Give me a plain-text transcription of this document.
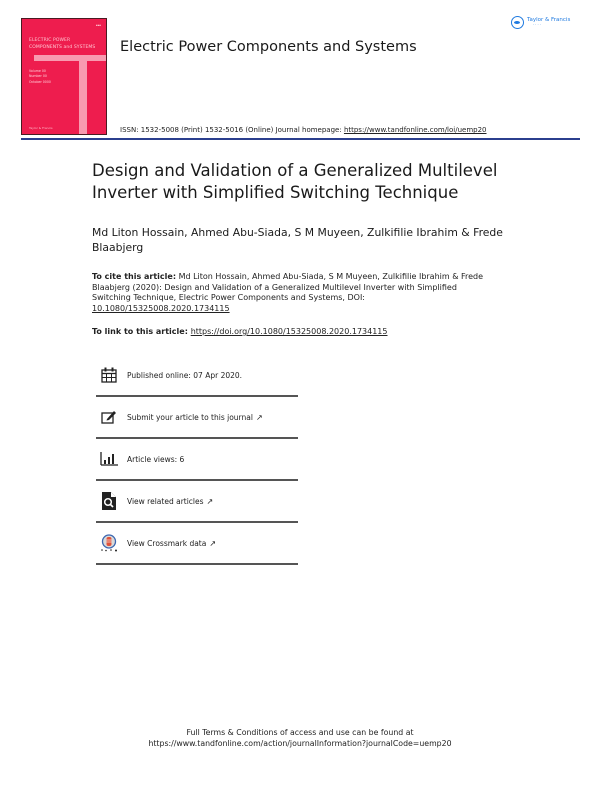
▪▪▪
ELECTRIC POWER
COMPONENTS and SYSTEMS
Volume 00
Number 00
October 0000
Taylor & Francis
Electric Power Components and Systems
Taylor & Francis
· · · ·
ISSN: 1532-5008 (Print) 1532-5016 (Online) Journal homepage: https://www.tandfonline.com/loi/uemp20
Design and Validation of a Generalized Multilevel Inverter with Simplified Switching Technique
Md Liton Hossain, Ahmed Abu-Siada, S M Muyeen, Zulkifilie Ibrahim & Frede Blaabjerg
To cite this article: Md Liton Hossain, Ahmed Abu-Siada, S M Muyeen, Zulkifilie Ibrahim & Frede Blaabjerg (2020): Design and Validation of a Generalized Multilevel Inverter with Simplified Switching Technique, Electric Power Components and Systems, DOI:
10.1080/15325008.2020.1734115
To link to this article: https://doi.org/10.1080/15325008.2020.1734115
Published online: 07 Apr 2020.
Submit your article to this journal ↗
Article views: 6
View related articles ↗
View Crossmark data ↗
Full Terms & Conditions of access and use can be found at
https://www.tandfonline.com/action/journalInformation?journalCode=uemp20
